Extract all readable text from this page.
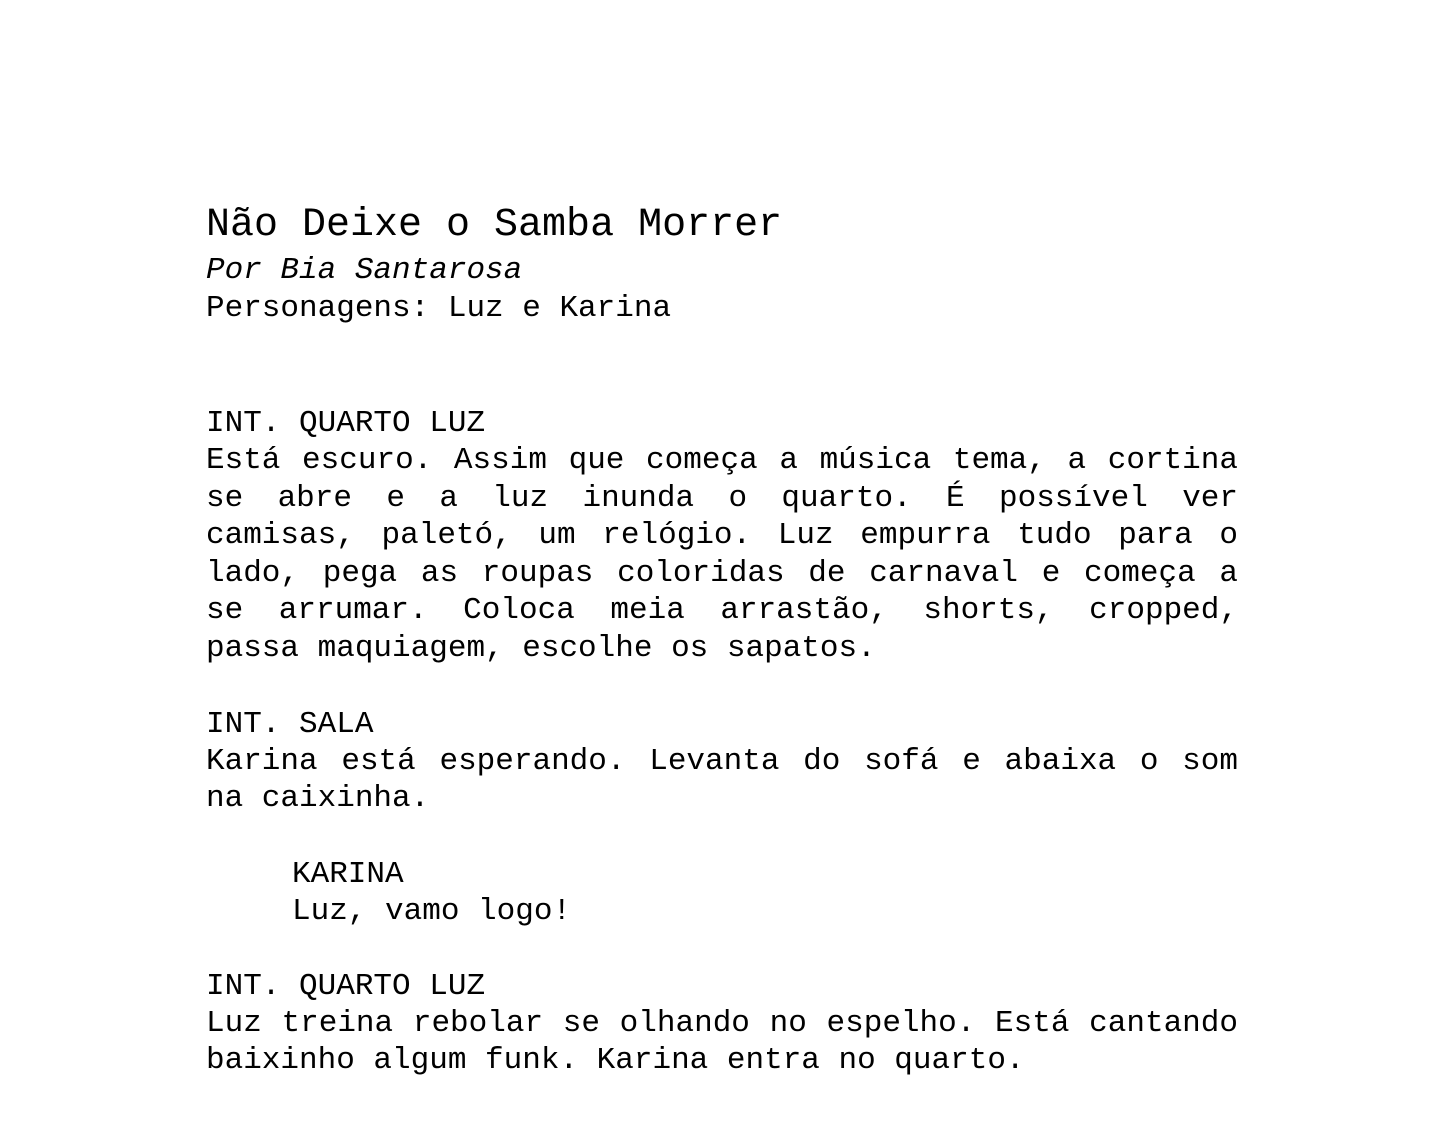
Não Deixe o Samba Morrer

Por Bia Santarosa

Personagens: Luz e Karina

INT. QUARTO LUZ

Está escuro. Assim que começa a música tema, a cortina se abre e a luz inunda o quarto. É possível ver camisas, paletó, um relógio. Luz empurra tudo para o lado, pega as roupas coloridas de carnaval e começa a se arrumar. Coloca meia arrastão, shorts, cropped, passa maquiagem, escolhe os sapatos.

INT. SALA

Karina está esperando. Levanta do sofá e abaixa o som na caixinha.

KARINA

Luz, vamo logo!

INT. QUARTO LUZ

Luz treina rebolar se olhando no espelho. Está cantando baixinho algum funk. Karina entra no quarto.
